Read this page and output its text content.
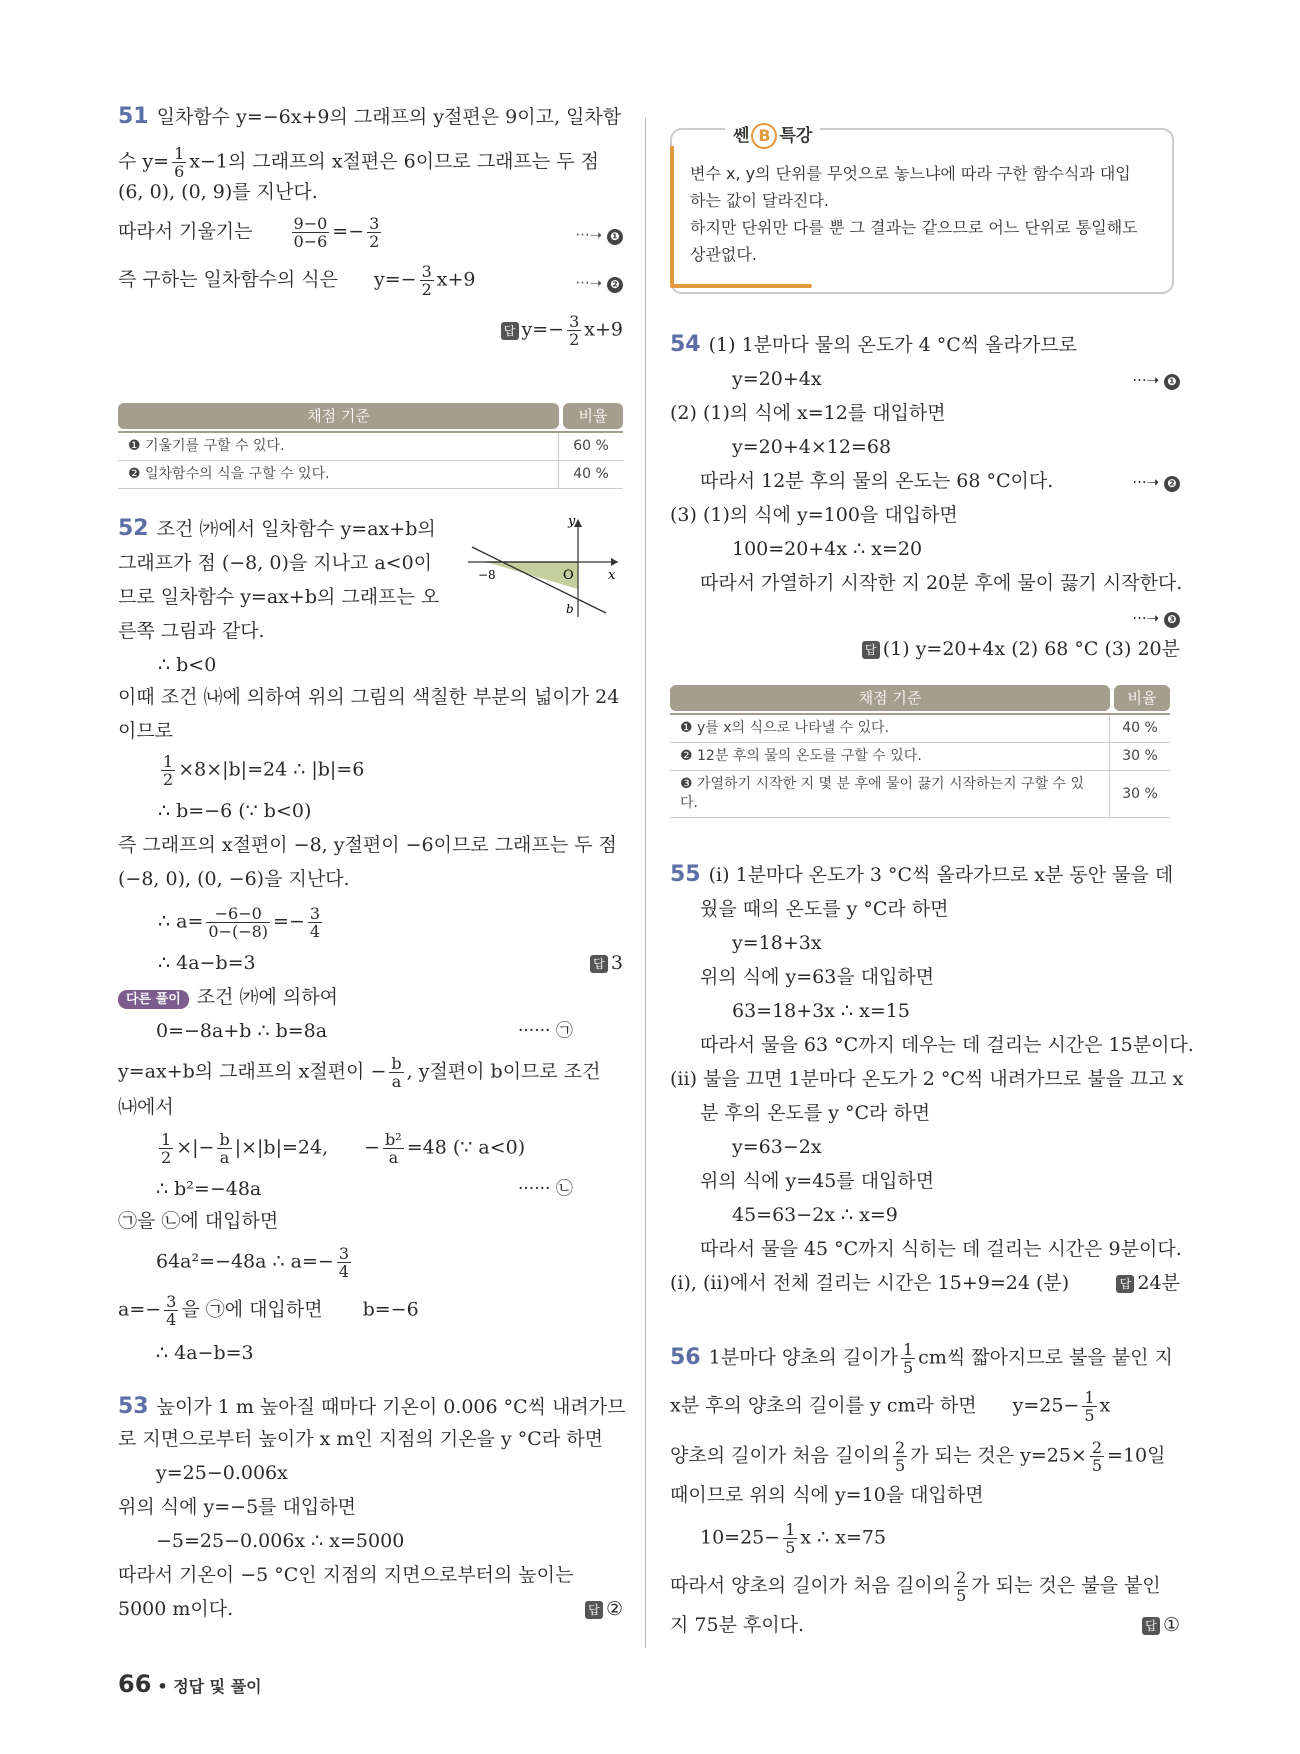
51 일차함수 y=−6x+9의 그래프의 y절편은 9이고, 일차함
수 $y= \frac{1}{6} x-1$의 그래프의 x절편은 6이므로 그래프는 두 점
(6, 0), (0, 9)를 지난다.
따라서 기울기는 $\frac{9-0}{0-6} =- \frac{3}{2}$	···➝ ❶
즉 구하는 일차함수의 식은 $y=- \frac{3}{2} x+9$	···➝ ❷
답 $y=- \frac{3}{2} x+9$
채점 기준	비율
❶ 기울기를 구할 수 있다.	60 %
❷ 일차함수의 식을 구할 수 있다.	40 %
52 조건 ㈎에서 일차함수 y=ax+b의
그래프가 점 (−8, 0)을 지나고 a<0이
므로 일차함수 y=ax+b의 그래프는 오
른쪽 그림과 같다.
y
x
O
−8
b
∴ b<0
이때 조건 ㈏에 의하여 위의 그림의 색칠한 부분의 넓이가 24
이므로
$\frac{1}{2} \times 8\times|b|=24$ ∴ |b|=6
∴ b=−6 (∵ b<0)
즉 그래프의 x절편이 −8, y절편이 −6이므로 그래프는 두 점
(−8, 0), (0, −6)을 지난다.
∴ $a= \frac{-6-0}{0-(-8)} =- \frac{3}{4}$
∴ 4a−b=3	답 3
다른 풀이 조건 ㈎에 의하여
0=−8a+b ∴ b=8a	······ ㉠
y=ax+b의 그래프의 x절편이 − $\frac{b}{a}$ , y절편이 b이므로 조건
㈏에서
$\frac{1}{2}$ ×|− $\frac{b}{a} |\times|b|=24$, − $\frac{\text{b²}}{a} =48$ (∵ a<0)
∴ b²=−48a	······ ㉡
㉠을 ㉡에 대입하면
64a²=−48a ∴ $a=- \frac{3}{4}$
$a=- \frac{3}{4}$ 을 ㉠에 대입하면 b=−6
∴ 4a−b=3
53 높이가 1 m 높아질 때마다 기온이 0.006 °C씩 내려가므
로 지면으로부터 높이가 x m인 지점의 기온을 y °C라 하면
y=25−0.006x
위의 식에 y=−5를 대입하면
−5=25−0.006x ∴ x=5000
따라서 기온이 −5 °C인 지점의 지면으로부터의 높이는
5000 m이다.	답 ②
쎈 B 특강
변수 x, y의 단위를 무엇으로 놓느냐에 따라 구한 함수식과 대입
하는 값이 달라진다.
하지만 단위만 다를 뿐 그 결과는 같으므로 어느 단위로 통일해도
상관없다.
54 (1) 1분마다 물의 온도가 4 °C씩 올라가므로
y=20+4x	···➝ ❶
(2) (1)의 식에 x=12를 대입하면
y=20+4×12=68
따라서 12분 후의 물의 온도는 68 °C이다.	···➝ ❷
(3) (1)의 식에 y=100을 대입하면
100=20+4x ∴ x=20
따라서 가열하기 시작한 지 20분 후에 물이 끓기 시작한다.
···➝ ❸
답 (1) y=20+4x (2) 68 °C (3) 20분
채점 기준	비율
❶ y를 x의 식으로 나타낼 수 있다.	40 %
❷ 12분 후의 물의 온도를 구할 수 있다.	30 %
❸ 가열하기 시작한 지 몇 분 후에 물이 끓기 시작하는지 구할 수 있다.
30 %
55 (i) 1분마다 온도가 3 °C씩 올라가므로 x분 동안 물을 데
웠을 때의 온도를 y °C라 하면
y=18+3x
위의 식에 y=63을 대입하면
63=18+3x ∴ x=15
따라서 물을 63 °C까지 데우는 데 걸리는 시간은 15분이다.
(ii) 불을 끄면 1분마다 온도가 2 °C씩 내려가므로 불을 끄고 x
분 후의 온도를 y °C라 하면
y=63−2x
위의 식에 y=45를 대입하면
45=63−2x ∴ x=9
따라서 물을 45 °C까지 식히는 데 걸리는 시간은 9분이다.
(i), (ii)에서 전체 걸리는 시간은 15+9=24 (분)	답 24분
56 1분마다 양초의 길이가 $\frac{1}{5}$ cm씩 짧아지므로 불을 붙인 지
x분 후의 양초의 길이를 y cm라 하면 $y=25- \frac{1}{5}$ x
양초의 길이가 처음 길이의 $\frac{2}{5}$ 가 되는 것은 $y=25\times \frac{2}{5} =10$일
때이므로 위의 식에 y=10을 대입하면
$10=25- \frac{1}{5}$ x ∴ x=75
따라서 양초의 길이가 처음 길이의 $\frac{2}{5}$ 가 되는 것은 불을 붙인
지 75분 후이다.	답 ①
66 • 정답 및 풀이
